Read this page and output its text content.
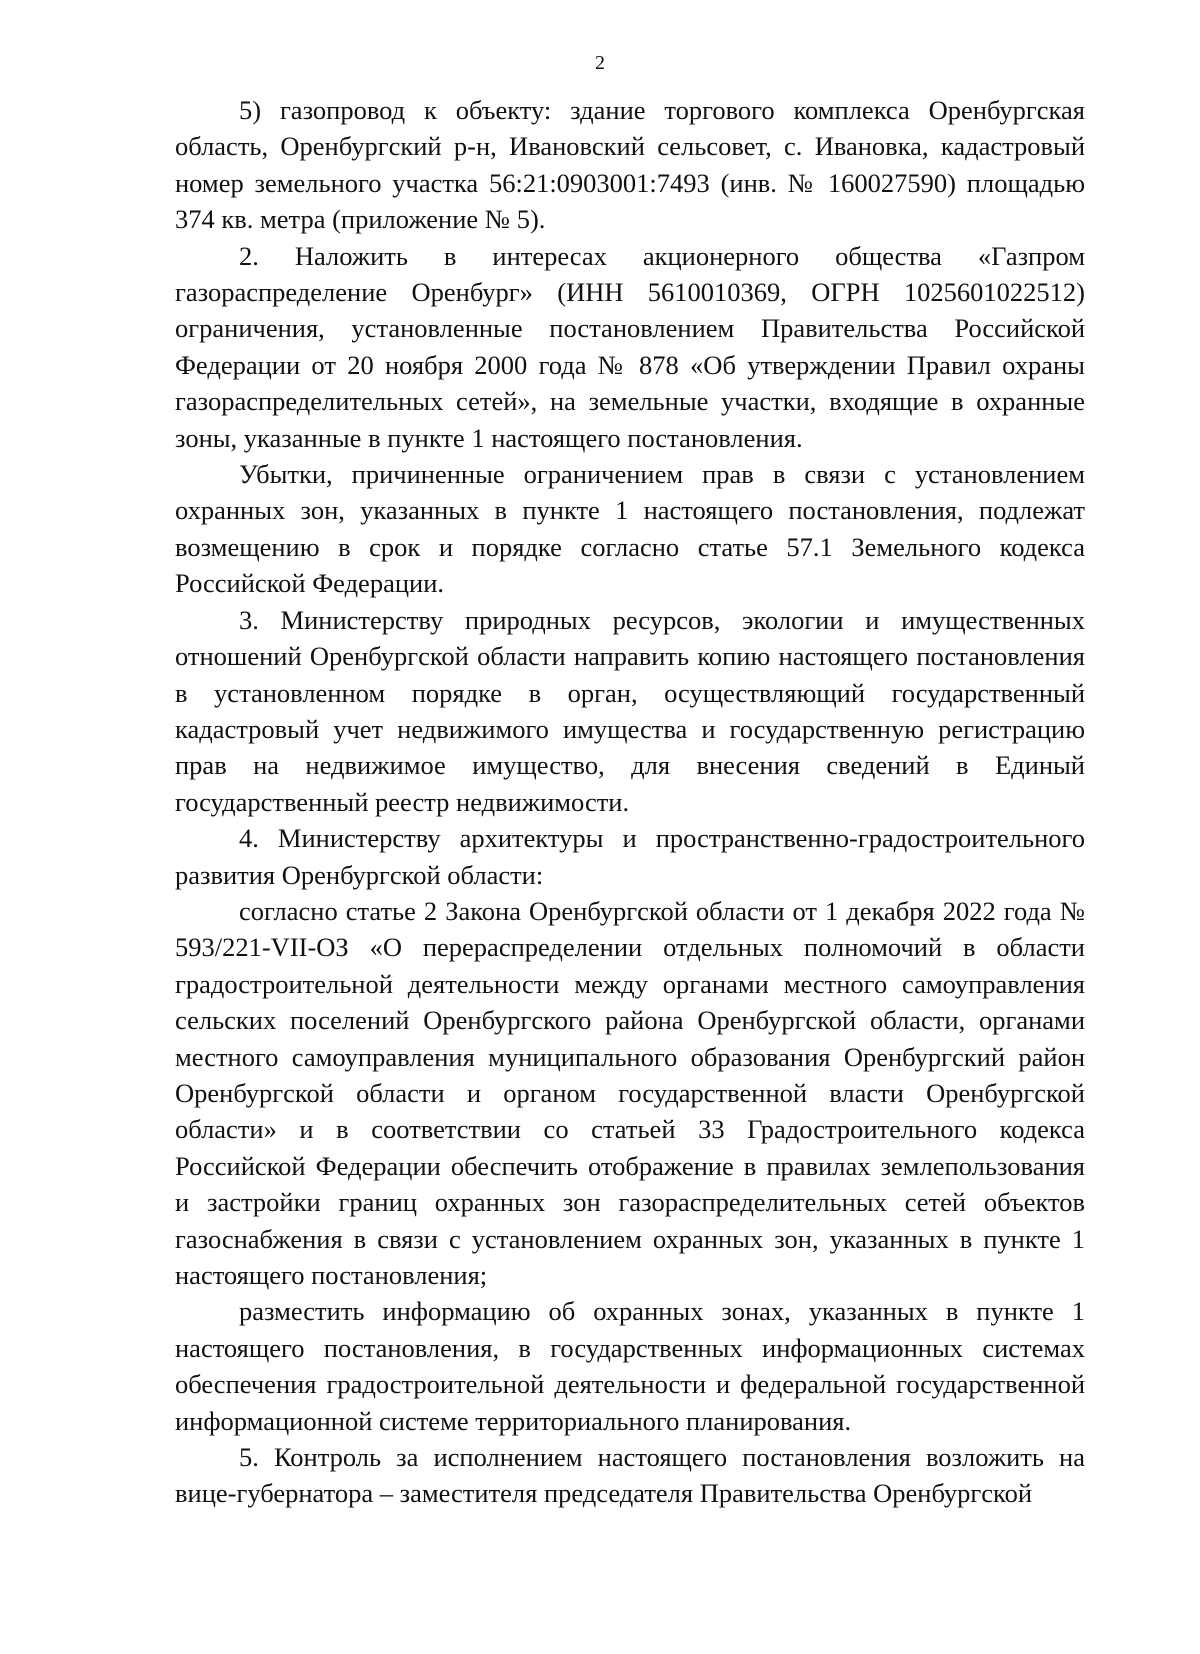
2

5) газопровод к объекту: здание торгового комплекса Оренбургская область, Оренбургский р-н, Ивановский сельсовет, с. Ивановка, кадастровый номер земельного участка 56:21:0903001:7493 (инв. № 160027590) площадью 374 кв. метра (приложение № 5).

2. Наложить в интересах акционерного общества «Газпром газораспределение Оренбург» (ИНН 5610010369, ОГРН 1025601022512) ограничения, установленные постановлением Правительства Российской Федерации от 20 ноября 2000 года № 878 «Об утверждении Правил охраны газораспределительных сетей», на земельные участки, входящие в охранные зоны, указанные в пункте 1 настоящего постановления.

Убытки, причиненные ограничением прав в связи с установлением охранных зон, указанных в пункте 1 настоящего постановления, подлежат возмещению в срок и порядке согласно статье 57.1 Земельного кодекса Российской Федерации.

3. Министерству природных ресурсов, экологии и имущественных отношений Оренбургской области направить копию настоящего постановления в установленном порядке в орган, осуществляющий государственный кадастровый учет недвижимого имущества и государственную регистрацию прав на недвижимое имущество, для внесения сведений в Единый государственный реестр недвижимости.

4. Министерству архитектуры и пространственно-градостроительного развития Оренбургской области:

согласно статье 2 Закона Оренбургской области от 1 декабря 2022 года № 593/221-VII-ОЗ «О перераспределении отдельных полномочий в области градостроительной деятельности между органами местного самоуправления сельских поселений Оренбургского района Оренбургской области, органами местного самоуправления муниципального образования Оренбургский район Оренбургской области и органом государственной власти Оренбургской области» и в соответствии со статьей 33 Градостроительного кодекса Российской Федерации обеспечить отображение в правилах землепользования и застройки границ охранных зон газораспределительных сетей объектов газоснабжения в связи с установлением охранных зон, указанных в пункте 1 настоящего постановления;

разместить информацию об охранных зонах, указанных в пункте 1 настоящего постановления, в государственных информационных системах обеспечения градостроительной деятельности и федеральной государственной информационной системе территориального планирования.

5. Контроль за исполнением настоящего постановления возложить на вице-губернатора – заместителя председателя Правительства Оренбургской
